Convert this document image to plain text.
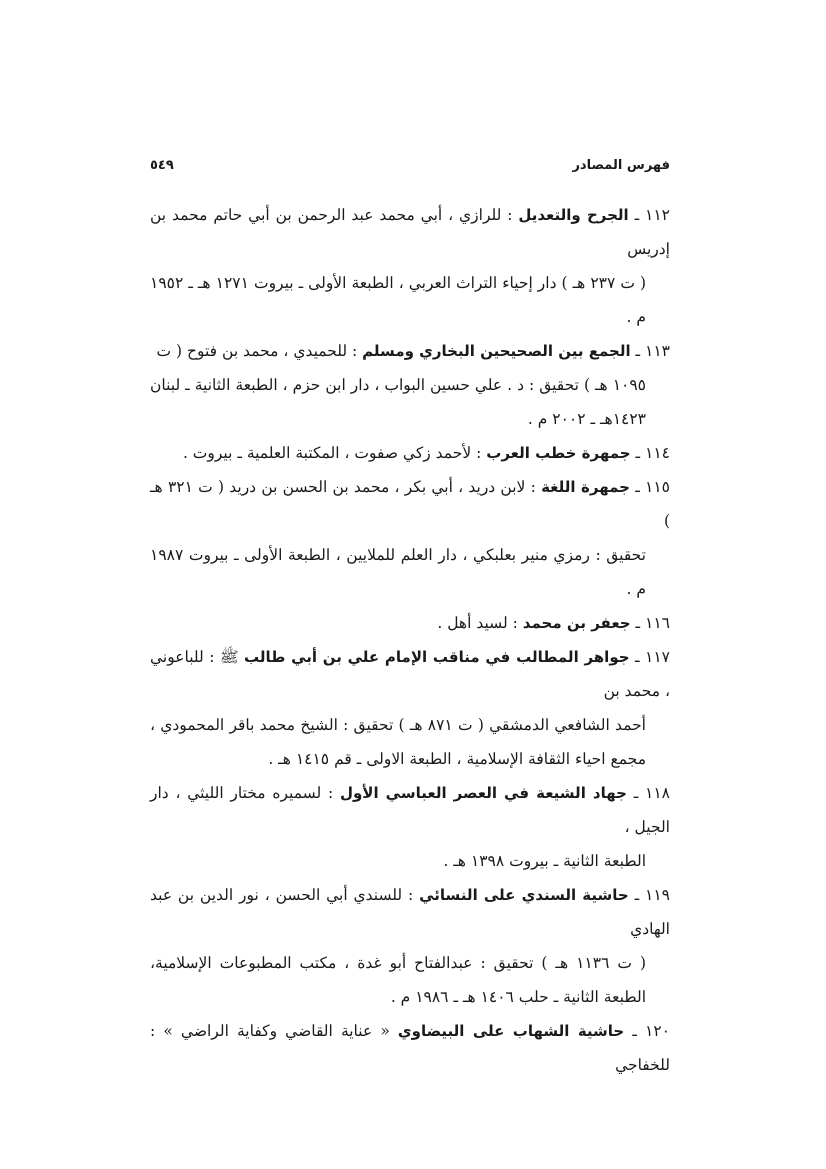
فهرس المصادر
٥٤٩

١١٢ ـ الجرح والتعديل : للرازي ، أبي محمد عبد الرحمن بن أبي حاتم محمد بن إدريس
( ت ٢٣٧ هـ ) دار إحياء التراث العربي ، الطبعة الأولى ـ بيروت ١٢٧١ هـ ـ ١٩٥٢ م .

١١٣ ـ الجمع بين الصحيحين البخاري ومسلم : للحميدي ، محمد بن فتوح ( ت
١٠٩٥ هـ ) تحقيق : د . علي حسين البواب ، دار ابن حزم ، الطبعة الثانية ـ لبنان ١٤٢٣هـ ـ ٢٠٠٢ م .

١١٤ ـ جمهرة خطب العرب : لأحمد زكي صفوت ، المكتبة العلمية ـ بيروت .

١١٥ ـ جمهرة اللغة : لابن دريد ، أبي بكر ، محمد بن الحسن بن دريد ( ت ٣٢١ هـ )
تحقيق : رمزي منير بعلبكي ، دار العلم للملايين ، الطبعة الأولى ـ بيروت ١٩٨٧ م .

١١٦ ـ جعفر بن محمد : لسيد أهل .

١١٧ ـ جواهر المطالب في مناقب الإمام علي بن أبي طالب ﷺ : للباعوني ، محمد بن
أحمد الشافعي الدمشقي ( ت ٨٧١ هـ ) تحقيق : الشيخ محمد باقر المحمودي ، مجمع احياء الثقافة الإسلامية ، الطبعة الاولى ـ قم ١٤١٥ هـ .

١١٨ ـ جهاد الشيعة في العصر العباسي الأول : لسميره مختار الليثي ، دار الجيل ،
الطبعة الثانية ـ بيروت ١٣٩٨ هـ .

١١٩ ـ حاشية السندي على النسائي : للسندي أبي الحسن ، نور الدين بن عبد الهادي
( ت ١١٣٦ هـ ) تحقيق : عبدالفتاح أبو غدة ، مكتب المطبوعات الإسلامية، الطبعة الثانية ـ حلب ١٤٠٦ هـ ـ ١٩٨٦ م .

١٢٠ ـ حاشية الشهاب على البيضاوي « عناية القاضي وكفاية الراضي » : للخفاجي
